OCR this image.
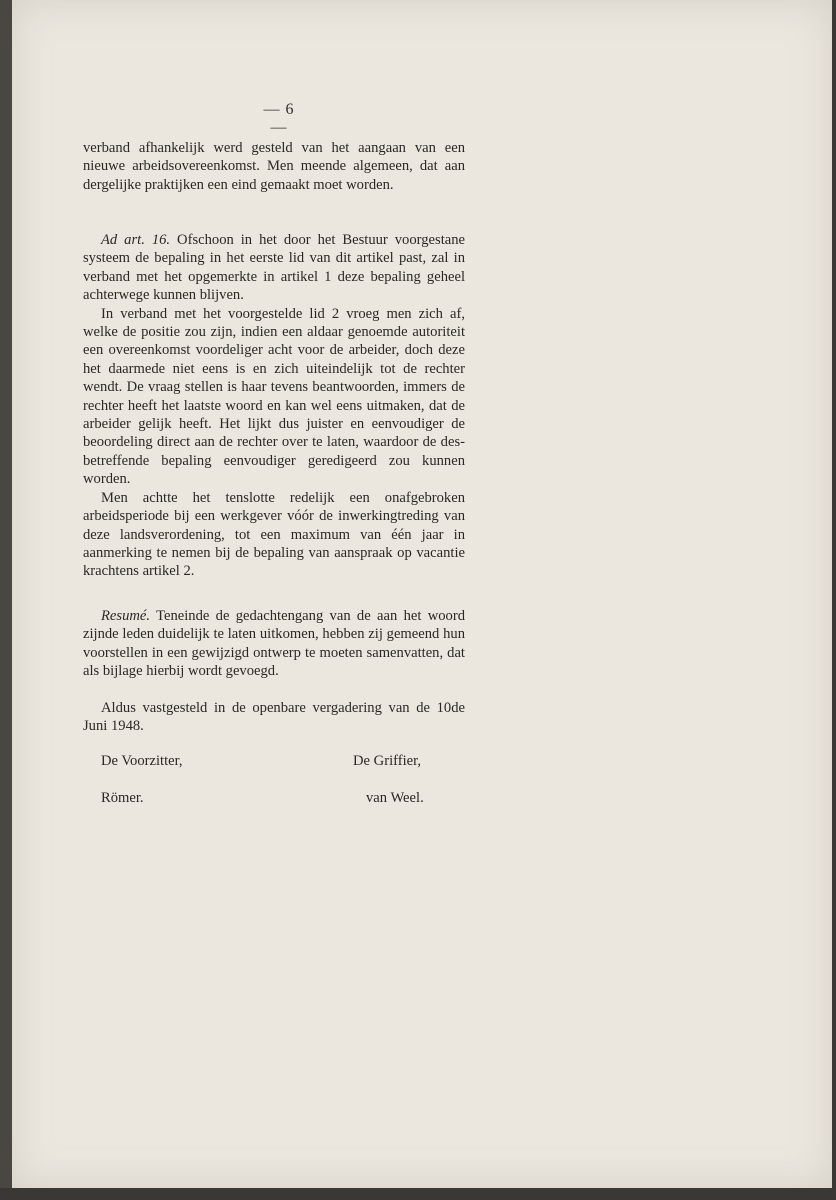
— 6 —

verband afhankelijk werd gesteld van het aangaan van een nieuwe arbeidsovereenkomst. Men meende algemeen, dat aan dergelijke praktijken een eind gemaakt moet worden.

Ad art. 16. Ofschoon in het door het Bestuur voorgestane systeem de bepaling in het eerste lid van dit artikel past, zal in verband met het opgemerkte in artikel 1 deze bepaling geheel achterwege kunnen blijven.

In verband met het voorgestelde lid 2 vroeg men zich af, welke de positie zou zijn, indien een aldaar genoemde autoriteit een overeenkomst voordeliger acht voor de arbeider, doch deze het daarmede niet eens is en zich uiteindelijk tot de rechter wendt. De vraag stellen is haar tevens beantwoorden, immers de rechter heeft het laatste woord en kan wel eens uitmaken, dat de arbeider gelijk heeft. Het lijkt dus juister en eenvoudiger de beoordeling direct aan de rechter over te laten, waardoor de desbetreffende bepaling eenvoudiger geredigeerd zou kunnen worden.

Men achtte het tenslotte redelijk een onafgebroken arbeidsperiode bij een werkgever vóór de inwerkingtreding van deze landsverordening, tot een maximum van één jaar in aanmerking te nemen bij de bepaling van aanspraak op vacantie krachtens artikel 2.

Resumé. Teneinde de gedachtengang van de aan het woord zijnde leden duidelijk te laten uitkomen, hebben zij gemeend hun voorstellen in een gewijzigd ontwerp te moeten samenvatten, dat als bijlage hierbij wordt gevoegd.

Aldus vastgesteld in de openbare vergadering van de 10de Juni 1948.

De Voorzitter,
Römer.
De Griffier,
van Weel.
